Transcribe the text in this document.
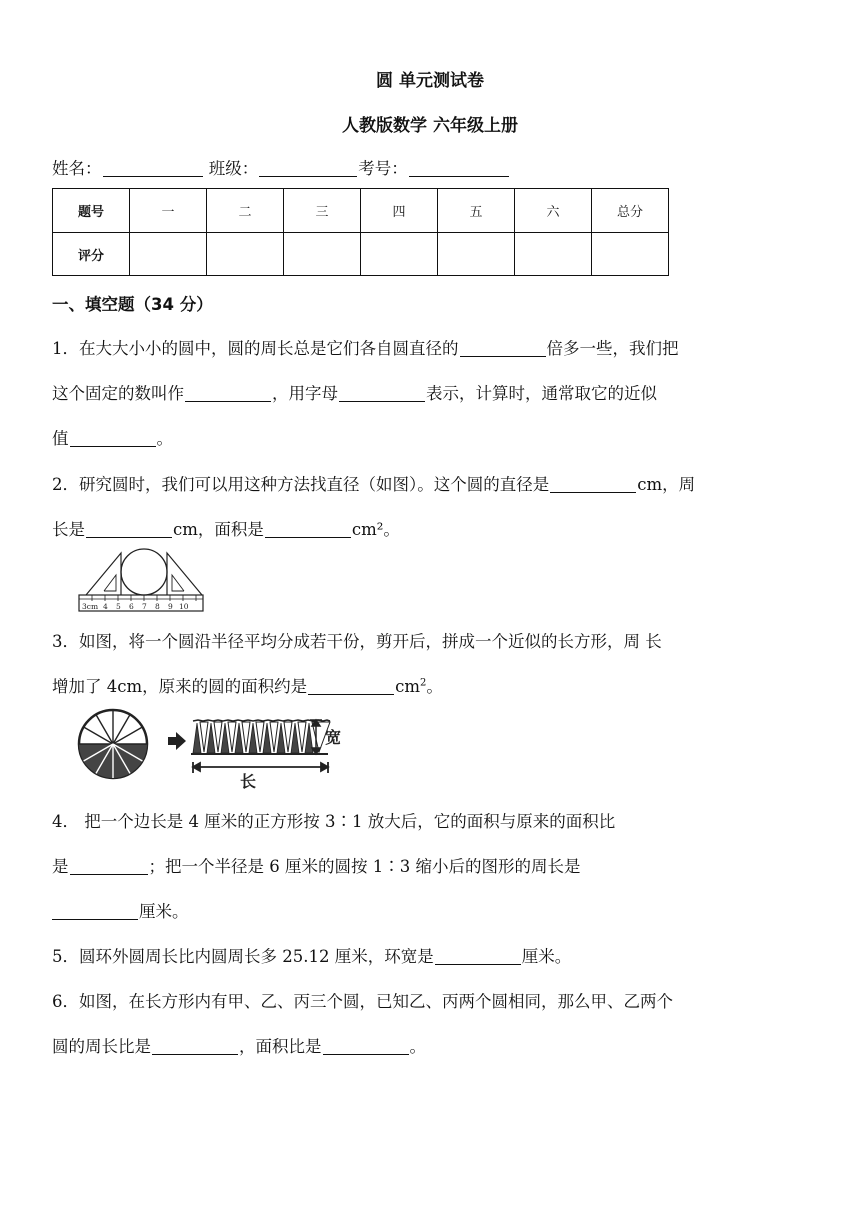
圆 单元测试卷
人教版数学 六年级上册
姓名：	班级：	考号：
题号	一	二	三	四	五	六	总分
评分							
一、填空题（34 分）
1．在大大小小的圆中，圆的周长总是它们各自圆直径的	倍多一些，我们把
这个固定的数叫作	，用字母	表示，计算时，通常取它的近似
值	。
2．研究圆时，我们可以用这种方法找直径（如图）。这个圆的直径是	cm，周
长是	cm，面积是	cm²。
3cm 4 5 6 7 8 9 10
3．如图，将一个圆沿半径平均分成若干份，剪开后，拼成一个近似的长方形，周 长
增加了 4cm，原来的圆的面积约是	$cm^2$。
宽
长
4． 把一个边长是 4 厘米的正方形按 3∶1 放大后，它的面积与原来的面积比
是	；把一个半径是 6 厘米的圆按 1∶3 缩小后的图形的周长是
厘米。
5．圆环外圆周长比内圆周长多 25.12 厘米，环宽是	厘米。
6．如图，在长方形内有甲、乙、丙三个圆，已知乙、丙两个圆相同，那么甲、乙两个
圆的周长比是	，面积比是	。
